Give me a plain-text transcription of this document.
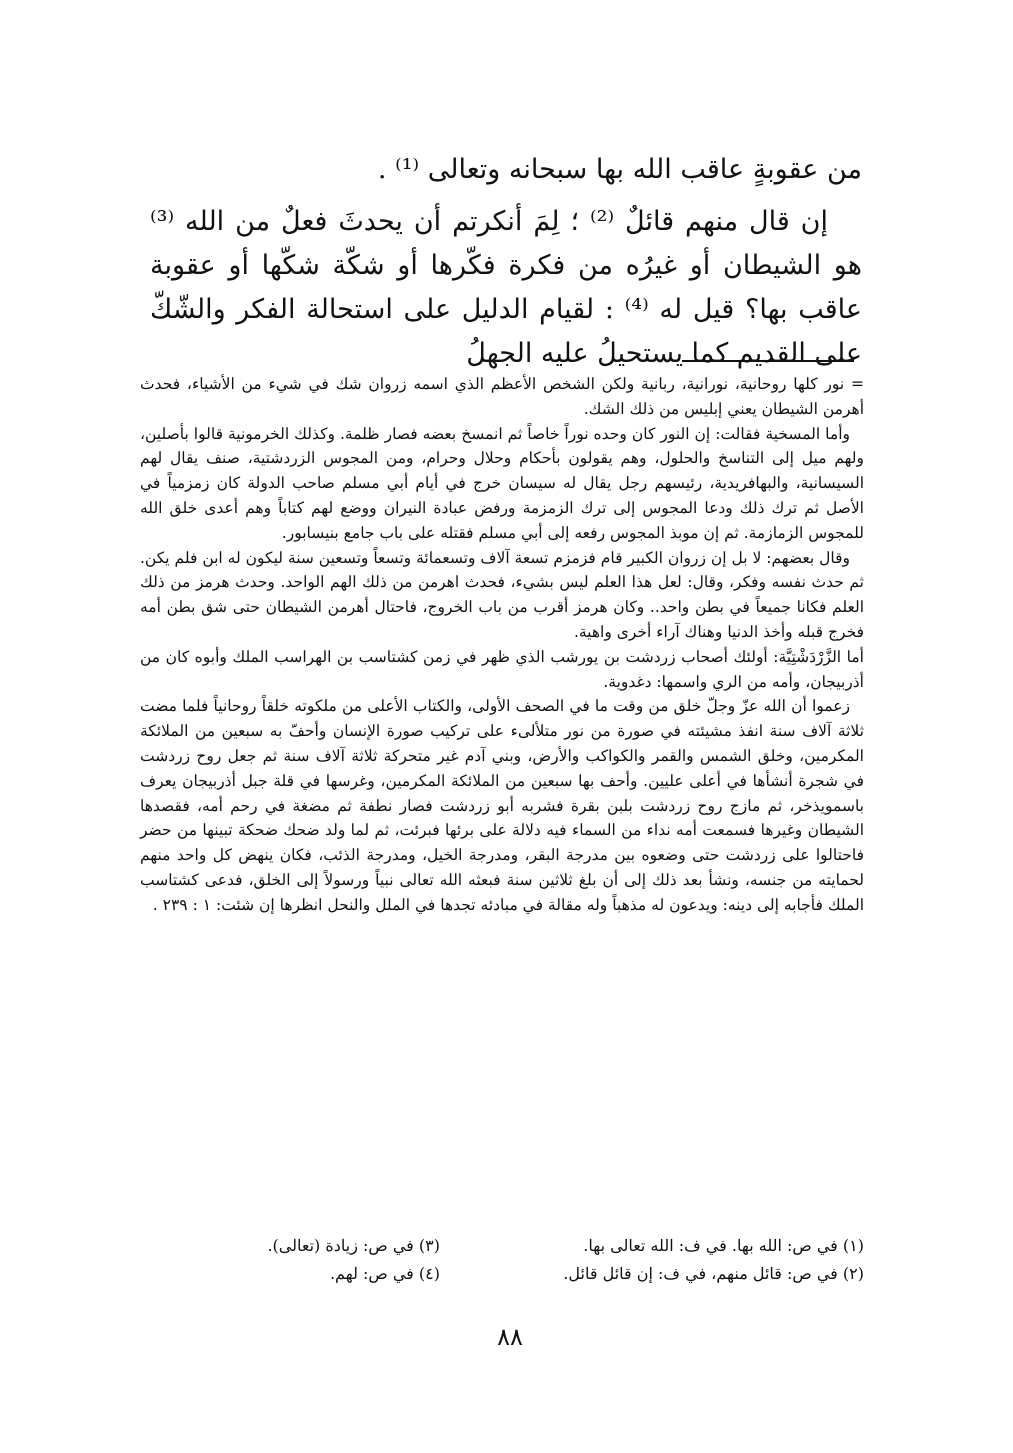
من عقوبةٍ عاقب الله بها سبحانه وتعالى ⁽¹⁾ .

إن قال منهم قائلٌ ⁽²⁾ ؛ لِمَ أنكرتم أن يحدثَ فعلٌ من الله ⁽³⁾ هو الشيطان أو غيرُه من فكرة فكّرها أو شكّة شكّها أو عقوبة عاقب بها؟ قيل له ⁽⁴⁾ : لقيام الدليل على استحالة الفكر والشّكّ على القديم كما يستحيلُ عليه الجهلُ

= نور كلها روحانية، نورانية، ربانية ولكن الشخص الأعظم الذي اسمه زروان شك في شيء من الأشياء، فحدث أهرمن الشيطان يعني إبليس من ذلك الشك.

وأما المسخية فقالت: إن النور كان وحده نوراً خاصاً ثم انمسخ بعضه فصار ظلمة. وكذلك الخرمونية قالوا بأصلين، ولهم ميل إلى التناسخ والحلول، وهم يقولون بأحكام وحلال وحرام، ومن المجوس الزردشتية، صنف يقال لهم السيسانية، والبهافريدية، رئيسهم رجل يقال له سيسان خرج في أيام أبي مسلم صاحب الدولة كان زمزمياً في الأصل ثم ترك ذلك ودعا المجوس إلى ترك الزمزمة ورفض عبادة النيران ووضع لهم كتاباً وهم أعدى خلق الله للمجوس الزمازمة. ثم إن موبذ المجوس رفعه إلى أبي مسلم فقتله على باب جامع بنيسابور.

وقال بعضهم: لا بل إن زروان الكبير قام فزمزم تسعة آلاف وتسعمائة وتسعاً وتسعين سنة ليكون له ابن فلم يكن. ثم حدث نفسه وفكر، وقال: لعل هذا العلم ليس بشيء، فحدث اهرمن من ذلك الهم الواحد. وحدث هرمز من ذلك العلم فكانا جميعاً في بطن واحد.. وكان هرمز أقرب من باب الخروج، فاحتال أهرمن الشيطان حتى شق بطن أمه فخرج قبله وأخذ الدنيا وهناك آراء أخرى واهية.

أما الزَّرْدَشْتِيَّة: أولئك أصحاب زردشت بن يورشب الذي ظهر في زمن كشتاسب بن الهراسب الملك وأبوه كان من أذربيجان، وأمه من الري واسمها: دغدوية.

زعموا أن الله عزّ وجلّ خلق من وقت ما في الصحف الأولى، والكتاب الأعلى من ملكوته خلقاً روحانياً فلما مضت ثلاثة آلاف سنة انفذ مشيئته في صورة من نور متلألىء على تركيب صورة الإنسان وأحفّ به سبعين من الملائكة المكرمين، وخلق الشمس والقمر والكواكب والأرض، وبني آدم غير متحركة ثلاثة آلاف سنة ثم جعل روح زردشت في شجرة أنشأها في أعلى عليين. وأحف بها سبعين من الملائكة المكرمين، وغرسها في قلة جبل أذربيجان يعرف باسمويذخر، ثم مازج روح زردشت بلبن بقرة فشربه أبو زردشت فصار نطفة ثم مضغة في رحم أمه، فقصدها الشيطان وغيرها فسمعت أمه نداء من السماء فيه دلالة على برئها فبرئت، ثم لما ولد ضحك ضحكة تبينها من حضر فاحتالوا على زردشت حتى وضعوه بين مدرجة البقر، ومدرجة الخيل، ومدرجة الذئب، فكان ينهض كل واحد منهم لحمايته من جنسه، ونشأ بعد ذلك إلى أن بلغ ثلاثين سنة فبعثه الله تعالى نبياً ورسولاً إلى الخلق، فدعى كشتاسب الملك فأجابه إلى دينه: ويدعون له مذهباً وله مقالة في مبادئه تجدها في الملل والنحل انظرها إن شئت: ١ : ٢٣٩ .

(١) في ص: الله بها. في ف: الله تعالى بها.
(٢) في ص: قائل منهم، في ف: إن قائل قائل.
(٣) في ص: زيادة (تعالى).
(٤) في ص: لهم.
٨٨
